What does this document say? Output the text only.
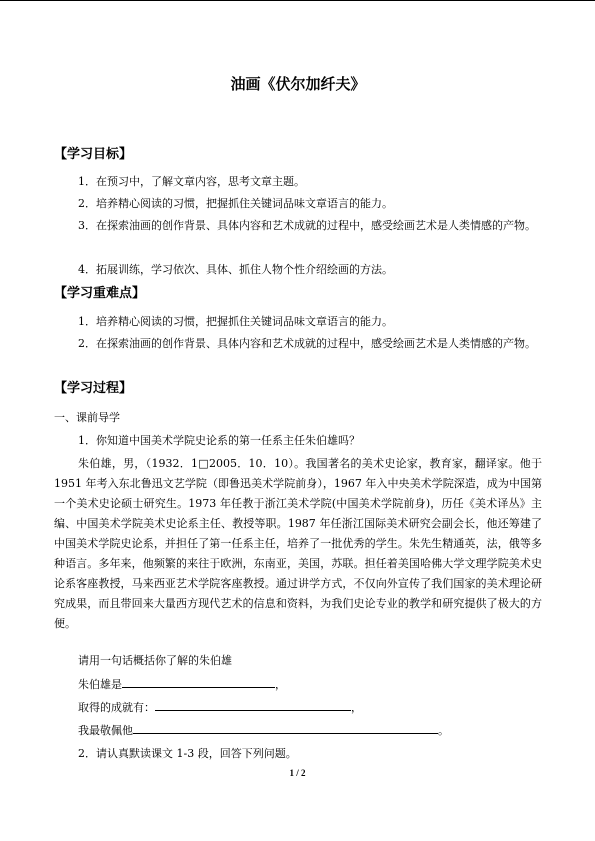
油画《伏尔加纤夫》
【学习目标】
1．在预习中，了解文章内容，思考文章主题。
2．培养精心阅读的习惯，把握抓住关键词品味文章语言的能力。
3．在探索油画的创作背景、具体内容和艺术成就的过程中，感受绘画艺术是人类情感的产物。
4．拓展训练，学习依次、具体、抓住人物个性介绍绘画的方法。
【学习重难点】
1．培养精心阅读的习惯，把握抓住关键词品味文章语言的能力。
2．在探索油画的创作背景、具体内容和艺术成就的过程中，感受绘画艺术是人类情感的产物。
【学习过程】
一、课前导学
1．你知道中国美术学院史论系的第一任系主任朱伯雄吗？
朱伯雄，男，（1932．1□2005．10．10）。我国著名的美术史论家，教育家，翻译家。他于 1951 年考入东北鲁迅文艺学院（即鲁迅美术学院前身），1967 年入中央美术学院深造，成为中国第一个美术史论硕士研究生。1973 年任教于浙江美术学院(中国美术学院前身)，历任《美术译丛》主编、中国美术学院美术史论系主任、教授等职。1987 年任浙江国际美术研究会副会长，他还筹建了中国美术学院史论系，并担任了第一任系主任，培养了一批优秀的学生。朱先生精通英，法，俄等多种语言。多年来，他频繁的来往于欧洲，东南亚，美国，苏联。担任着美国哈佛大学文理学院美术史论系客座教授，马来西亚艺术学院客座教授。通过讲学方式，不仅向外宣传了我们国家的美术理论研究成果，而且带回来大量西方现代艺术的信息和资料，为我们史论专业的教学和研究提供了极大的方便。
请用一句话概括你了解的朱伯雄
朱伯雄是	，
取得的成就有：	，
我最敬佩他	。
2．请认真默读课文 1-3 段，回答下列问题。
1 / 2
